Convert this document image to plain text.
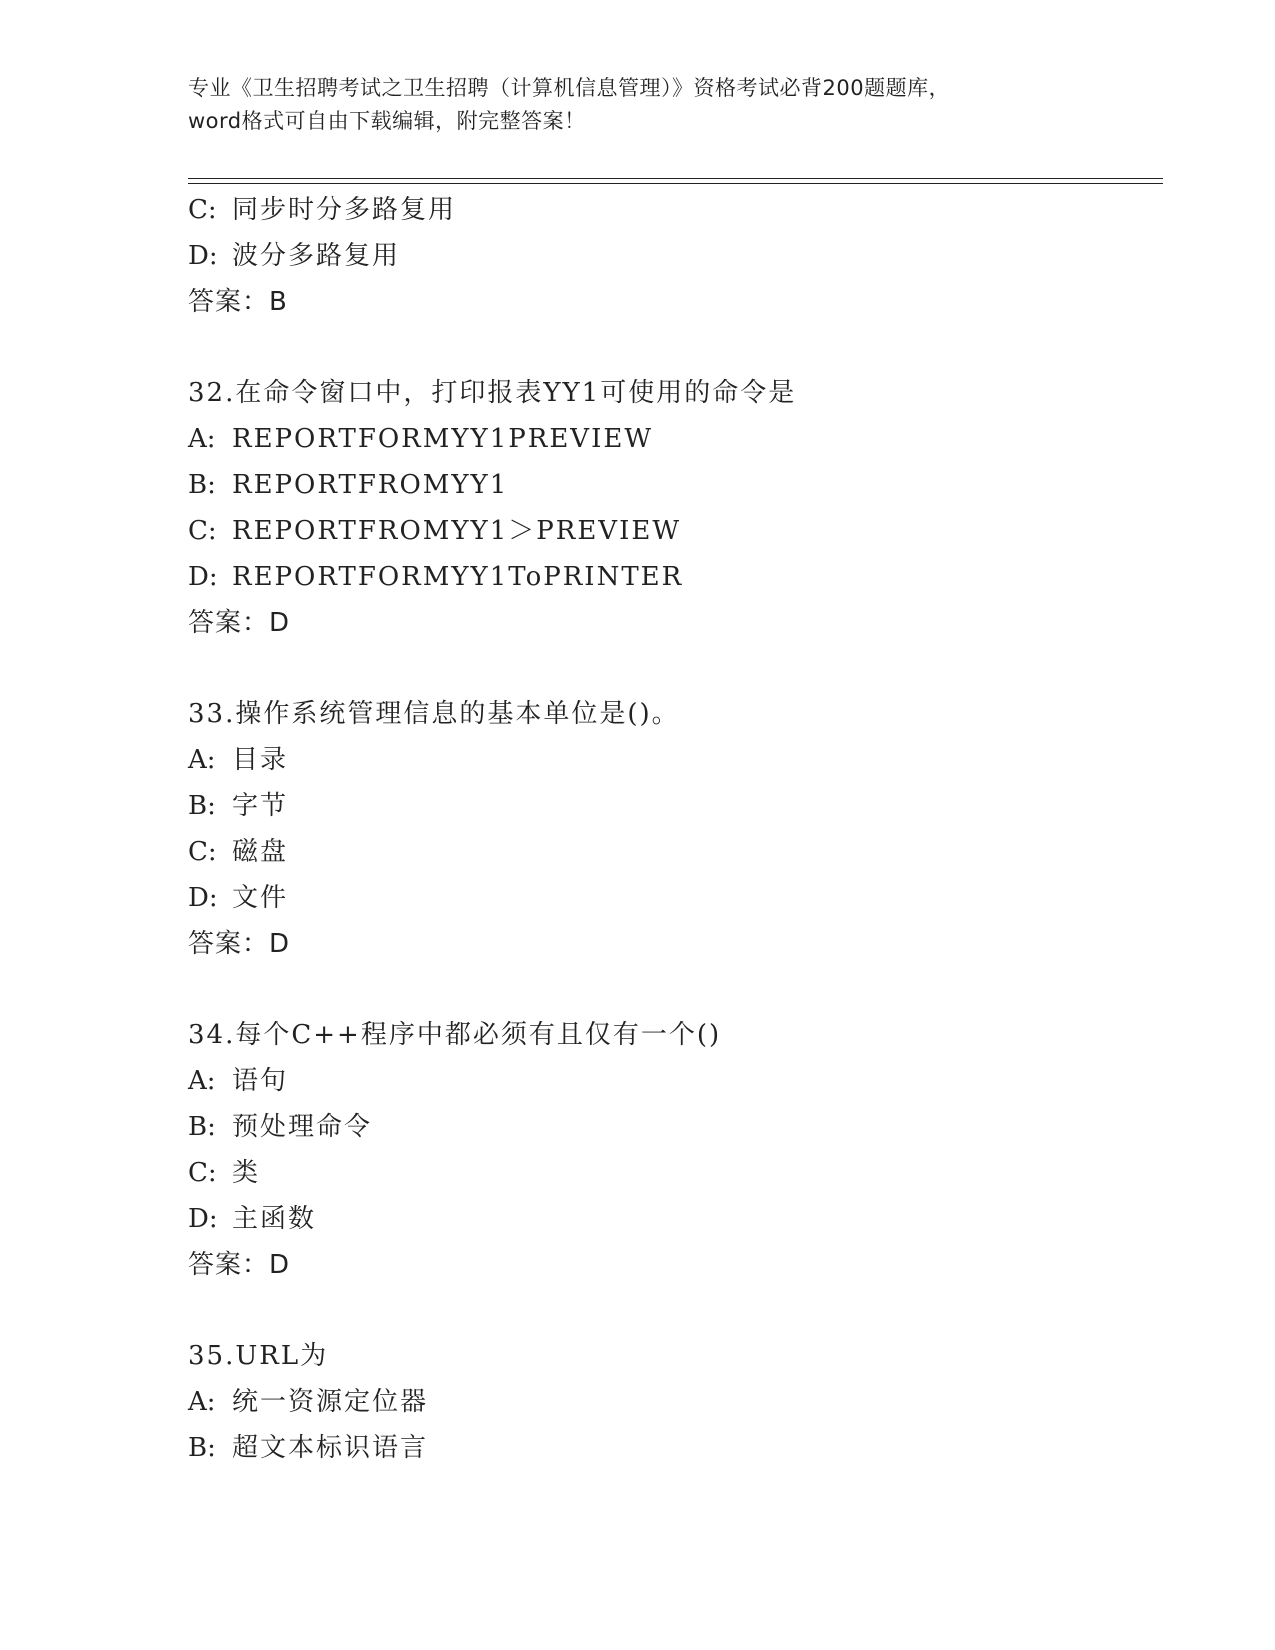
专业《卫生招聘考试之卫生招聘（计算机信息管理）》资格考试必背200题题库，
word格式可自由下载编辑，附完整答案！
C: 同步时分多路复用
D: 波分多路复用
答案：B
32.在命令窗口中，打印报表YY1可使用的命令是
A: REPORTFORMYY1PREVIEW
B: REPORTFROMYY1
C: REPORTFROMYY1＞PREVIEW
D: REPORTFORMYY1ToPRINTER
答案：D
33.操作系统管理信息的基本单位是()。
A: 目录
B: 字节
C: 磁盘
D: 文件
答案：D
34.每个C++程序中都必须有且仅有一个()
A: 语句
B: 预处理命令
C: 类
D: 主函数
答案：D
35.URL为
A: 统一资源定位器
B: 超文本标识语言
